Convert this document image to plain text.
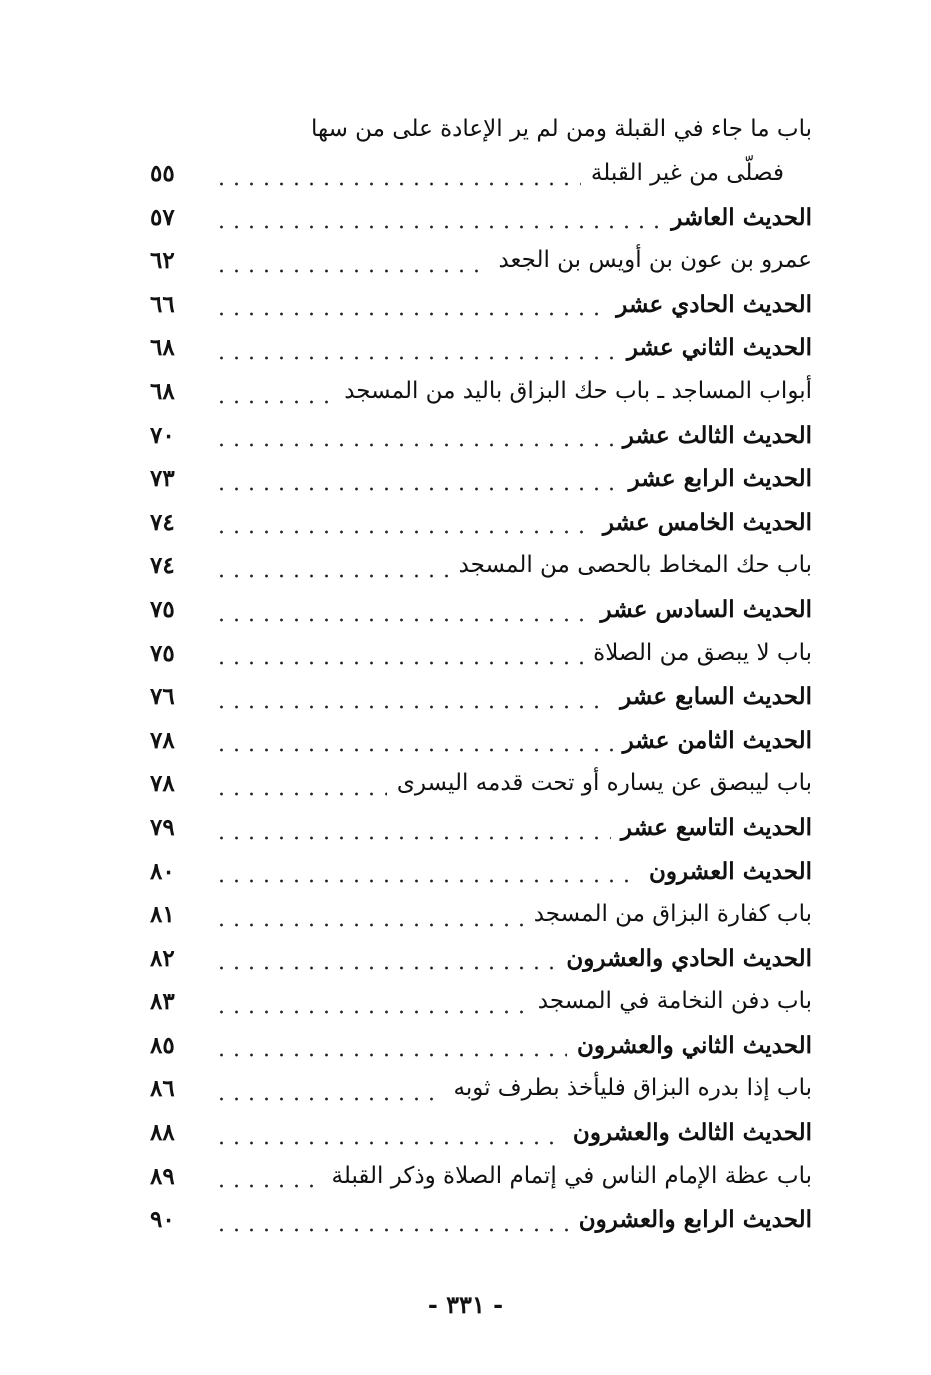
باب ما جاء في القبلة ومن لم ير الإعادة على من سها
فصلّى من غير القبلة
٥٥
الحديث العاشر
٥٧
عمرو بن عون بن أويس بن الجعد
٦٢
الحديث الحادي عشر
٦٦
الحديث الثاني عشر
٦٨
أبواب المساجد ـ باب حك البزاق باليد من المسجد
٦٨
الحديث الثالث عشر
٧٠
الحديث الرابع عشر
٧٣
الحديث الخامس عشر
٧٤
باب حك المخاط بالحصى من المسجد
٧٤
الحديث السادس عشر
٧٥
باب لا يبصق من الصلاة
٧٥
الحديث السابع عشر
٧٦
الحديث الثامن عشر
٧٨
باب ليبصق عن يساره أو تحت قدمه اليسرى
٧٨
الحديث التاسع عشر
٧٩
الحديث العشرون
٨٠
باب كفارة البزاق من المسجد
٨١
الحديث الحادي والعشرون
٨٢
باب دفن النخامة في المسجد
٨٣
الحديث الثاني والعشرون
٨٥
باب إذا بدره البزاق فليأخذ بطرف ثوبه
٨٦
الحديث الثالث والعشرون
٨٨
باب عظة الإمام الناس في إتمام الصلاة وذكر القبلة
٨٩
الحديث الرابع والعشرون
٩٠
- ٣٣١ -
